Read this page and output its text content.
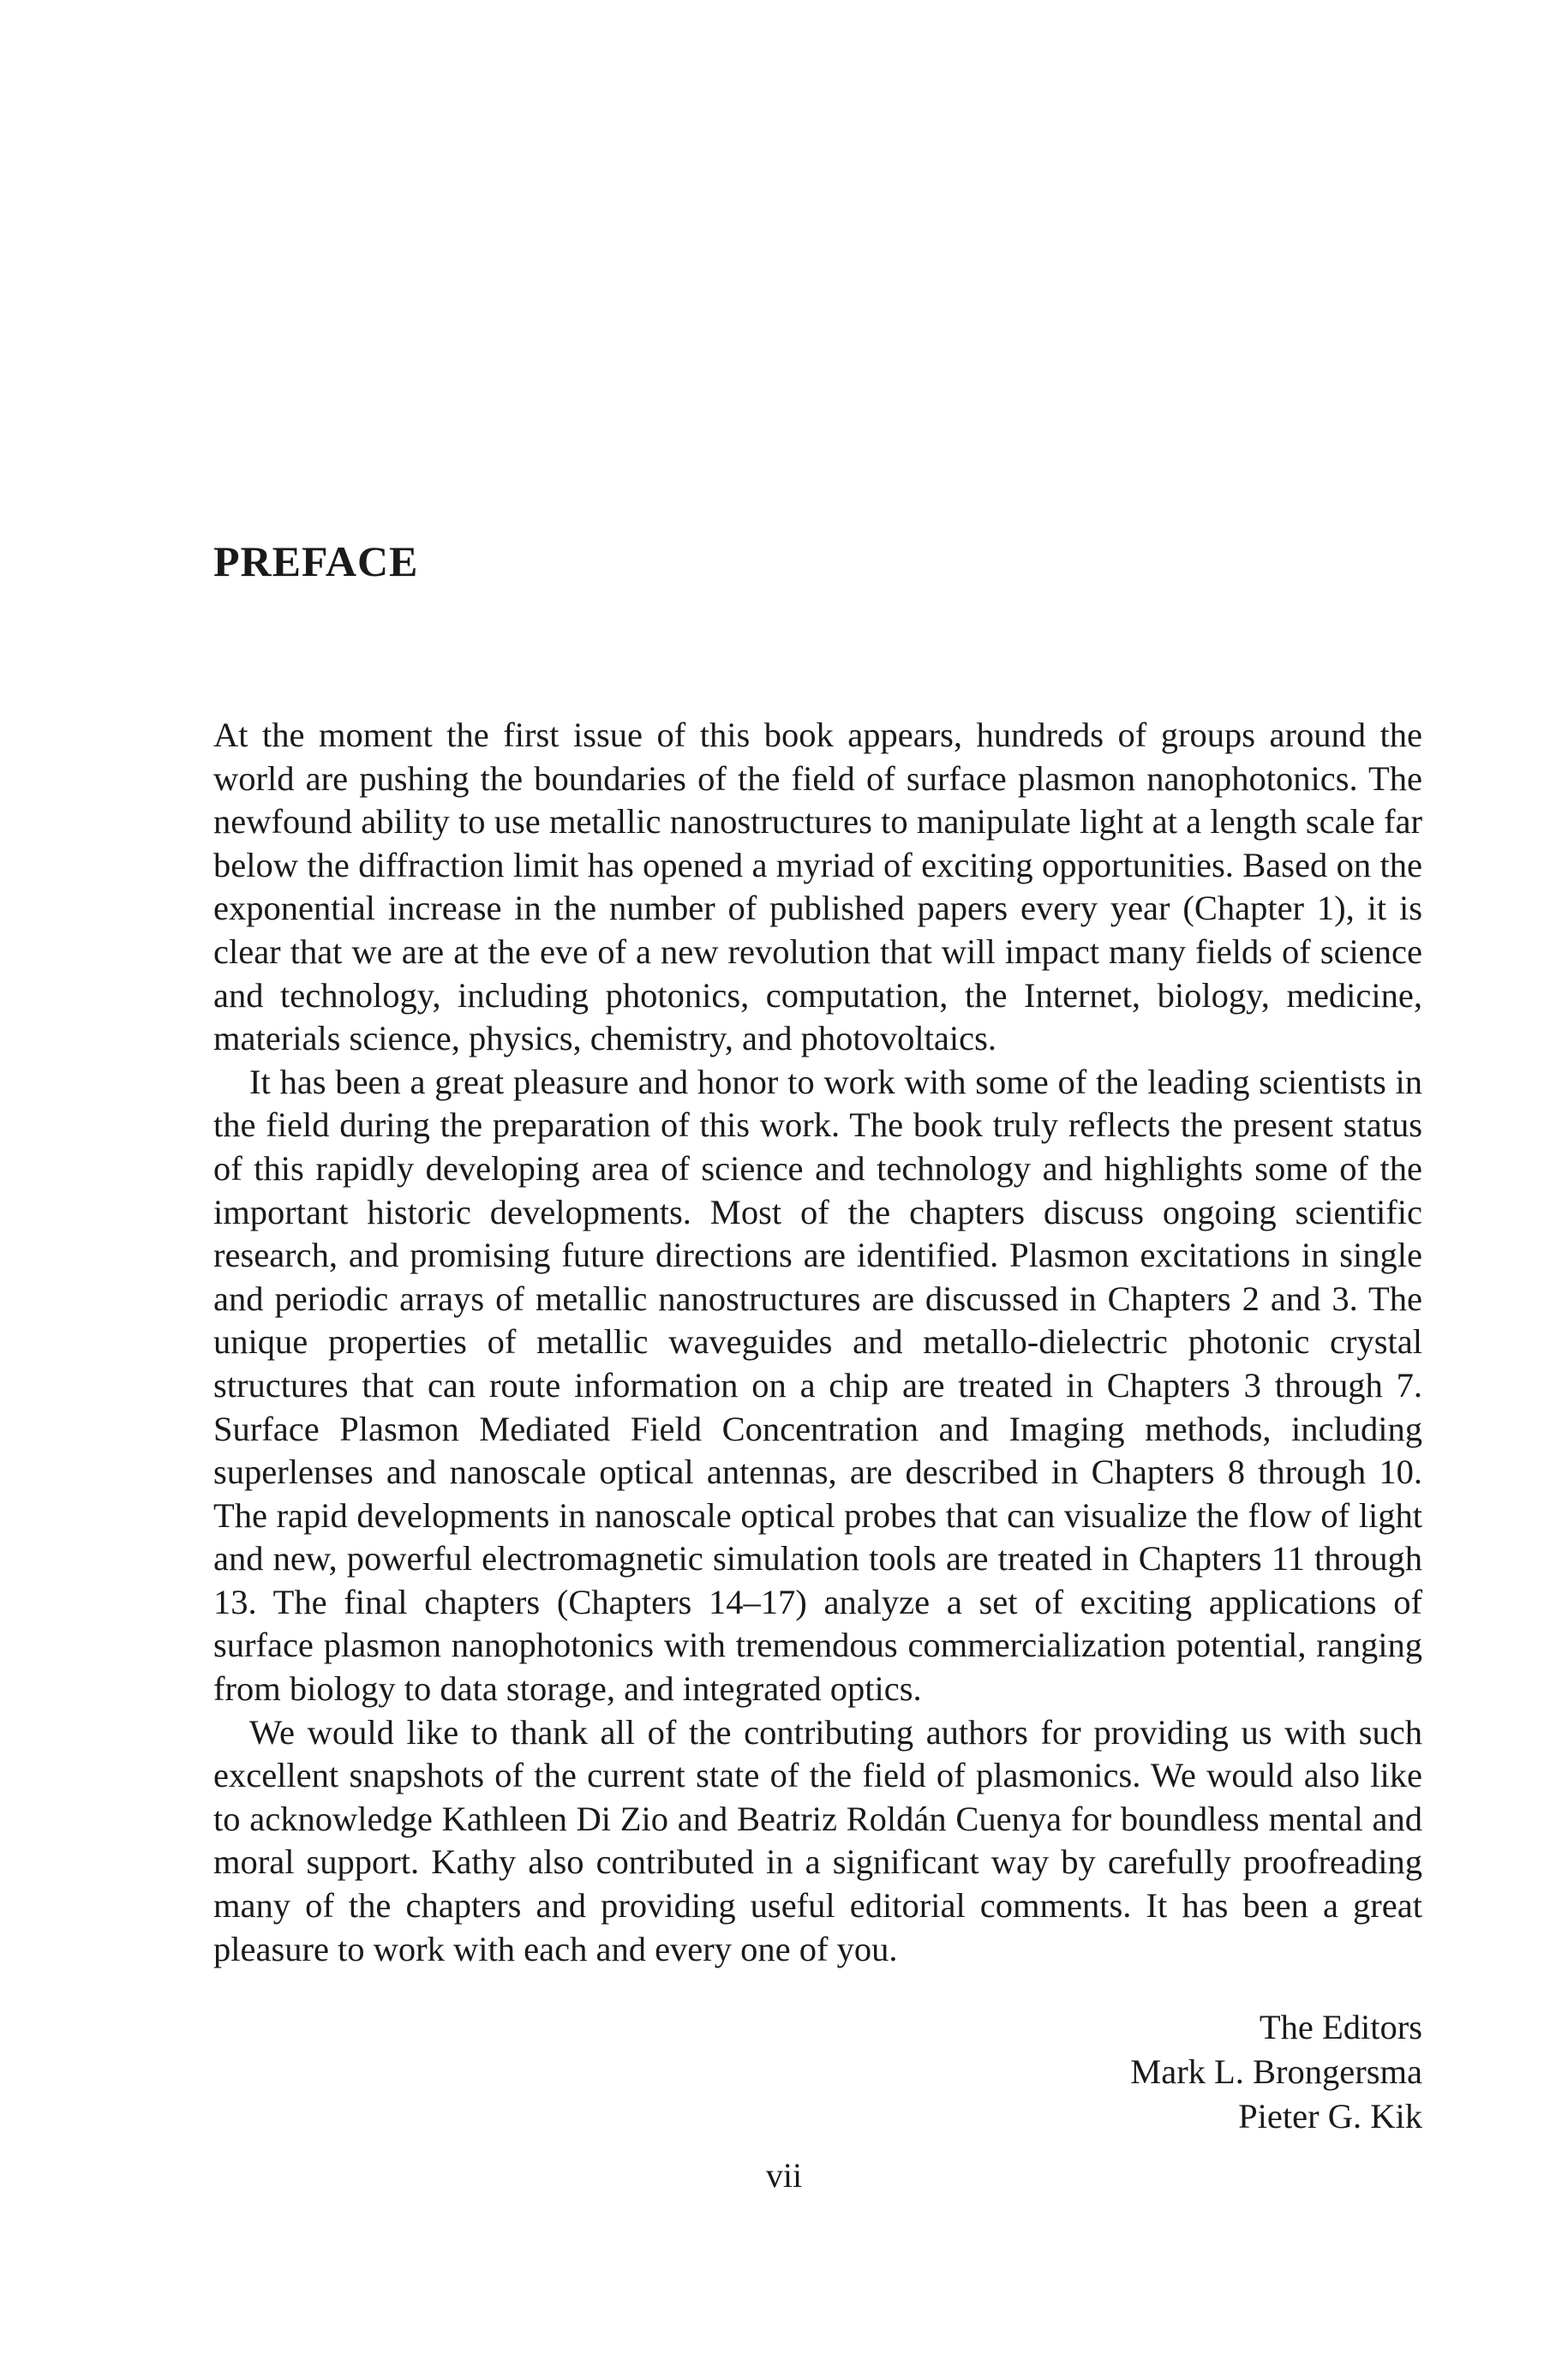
PREFACE

At the moment the first issue of this book appears, hundreds of groups around the world are pushing the boundaries of the field of surface plasmon nanophotonics. The newfound ability to use metallic nanostructures to manipulate light at a length scale far below the diffraction limit has opened a myriad of exciting opportunities. Based on the exponential increase in the number of published papers every year (Chapter 1), it is clear that we are at the eve of a new revolution that will impact many fields of science and technology, including photonics, computation, the Internet, biology, medicine, materials science, physics, chemistry, and photovoltaics.

It has been a great pleasure and honor to work with some of the leading scientists in the field during the preparation of this work. The book truly reflects the present status of this rapidly developing area of science and technology and highlights some of the important historic developments. Most of the chapters discuss ongoing scientific research, and promising future directions are identified. Plasmon excitations in single and periodic arrays of metallic nanostructures are discussed in Chapters 2 and 3. The unique properties of metallic waveguides and metallo-dielectric photonic crystal structures that can route information on a chip are treated in Chapters 3 through 7. Surface Plasmon Mediated Field Concentration and Imaging methods, including superlenses and nanoscale optical antennas, are described in Chapters 8 through 10. The rapid developments in nanoscale optical probes that can visualize the flow of light and new, powerful electromagnetic simulation tools are treated in Chapters 11 through 13. The final chapters (Chapters 14–17) analyze a set of exciting applications of surface plasmon nanophotonics with tremendous commercialization potential, ranging from biology to data storage, and integrated optics.

We would like to thank all of the contributing authors for providing us with such excellent snapshots of the current state of the field of plasmonics. We would also like to acknowledge Kathleen Di Zio and Beatriz Roldán Cuenya for boundless mental and moral support. Kathy also contributed in a significant way by carefully proofreading many of the chapters and providing useful editorial comments. It has been a great pleasure to work with each and every one of you.

The Editors
Mark L. Brongersma
Pieter G. Kik
vii
